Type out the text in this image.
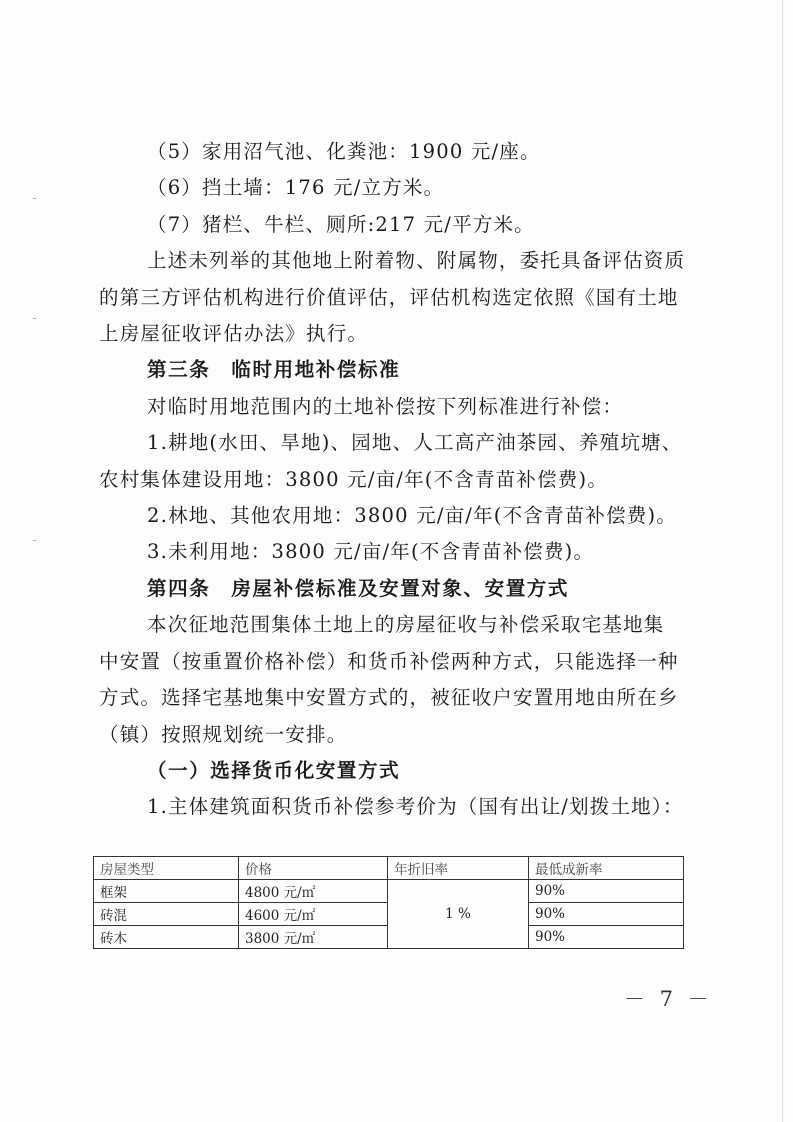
（5）家用沼气池、化粪池：1900 元/座。

（6）挡土墙：176 元/立方米。

（7）猪栏、牛栏、厕所:217 元/平方米。

上述未列举的其他地上附着物、附属物，委托具备评估资质

的第三方评估机构进行价值评估，评估机构选定依照《国有土地

上房屋征收评估办法》执行。

第三条　临时用地补偿标准

对临时用地范围内的土地补偿按下列标准进行补偿：

1.耕地(水田、旱地)、园地、人工高产油茶园、养殖坑塘、

农村集体建设用地：3800 元/亩/年(不含青苗补偿费)。

2.林地、其他农用地：3800 元/亩/年(不含青苗补偿费)。

3.未利用地：3800 元/亩/年(不含青苗补偿费)。

第四条　房屋补偿标准及安置对象、安置方式

本次征地范围集体土地上的房屋征收与补偿采取宅基地集

中安置（按重置价格补偿）和货币补偿两种方式，只能选择一种

方式。选择宅基地集中安置方式的，被征收户安置用地由所在乡

（镇）按照规划统一安排。

（一）选择货币化安置方式

1.主体建筑面积货币补偿参考价为（国有出让/划拨土地）：

房屋类型	价格	年折旧率	最低成新率
框架	4800 元/㎡	1 %	90%
砖混	4600 元/㎡		90%
砖木	3800 元/㎡		90%
－ 7 －
